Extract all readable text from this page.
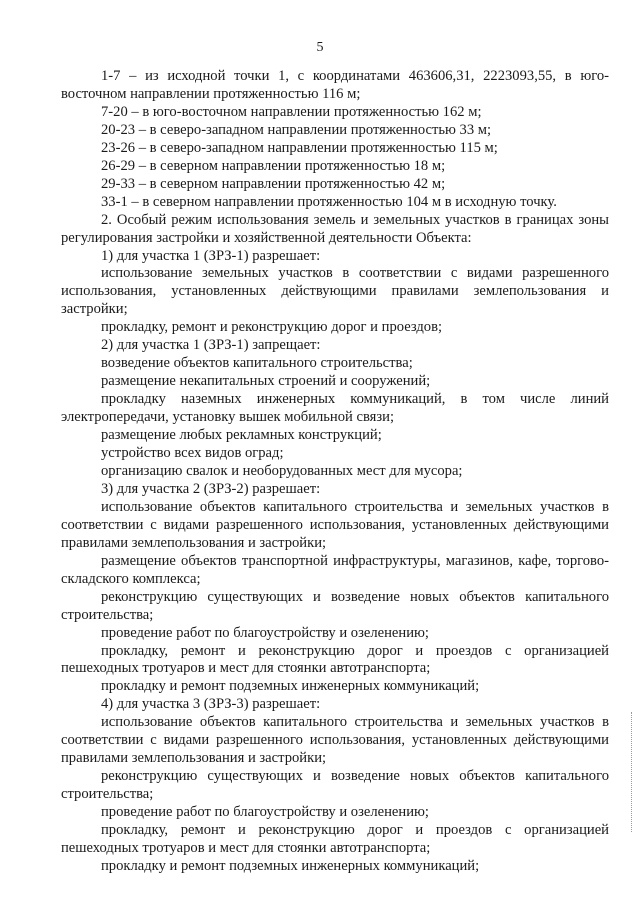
5

1-7 – из исходной точки 1, с координатами 463606,31, 2223093,55, в юго-восточном направлении протяженностью 116 м;

7-20 – в юго-восточном направлении протяженностью 162 м;

20-23 – в северо-западном направлении протяженностью 33 м;

23-26 – в северо-западном направлении протяженностью 115 м;

26-29 – в северном направлении протяженностью 18 м;

29-33 – в северном направлении протяженностью 42 м;

33-1 – в северном направлении протяженностью 104 м в исходную точку.

2. Особый режим использования земель и земельных участков в границах зоны регулирования застройки и хозяйственной деятельности Объекта:

1) для участка 1 (ЗРЗ-1) разрешает:

использование земельных участков в соответствии с видами разрешенного использования, установленных действующими правилами землепользования и застройки;

прокладку, ремонт и реконструкцию дорог и проездов;

2) для участка 1 (ЗРЗ-1) запрещает:

возведение объектов капитального строительства;

размещение некапитальных строений и сооружений;

прокладку наземных инженерных коммуникаций, в том числе линий электропередачи, установку вышек мобильной связи;

размещение любых рекламных конструкций;

устройство всех видов оград;

организацию свалок и необорудованных мест для мусора;

3) для участка 2 (ЗРЗ-2) разрешает:

использование объектов капитального строительства и земельных участков в соответствии с видами разрешенного использования, установленных действующими правилами землепользования и застройки;

размещение объектов транспортной инфраструктуры, магазинов, кафе, торгово-складского комплекса;

реконструкцию существующих и возведение новых объектов капитального строительства;

проведение работ по благоустройству и озеленению;

прокладку, ремонт и реконструкцию дорог и проездов с организацией пешеходных тротуаров и мест для стоянки автотранспорта;

прокладку и ремонт подземных инженерных коммуникаций;

4) для участка 3 (ЗРЗ-3) разрешает:

использование объектов капитального строительства и земельных участков в соответствии с видами разрешенного использования, установленных действующими правилами землепользования и застройки;

реконструкцию существующих и возведение новых объектов капитального строительства;

проведение работ по благоустройству и озеленению;

прокладку, ремонт и реконструкцию дорог и проездов с организацией пешеходных тротуаров и мест для стоянки автотранспорта;

прокладку и ремонт подземных инженерных коммуникаций;
